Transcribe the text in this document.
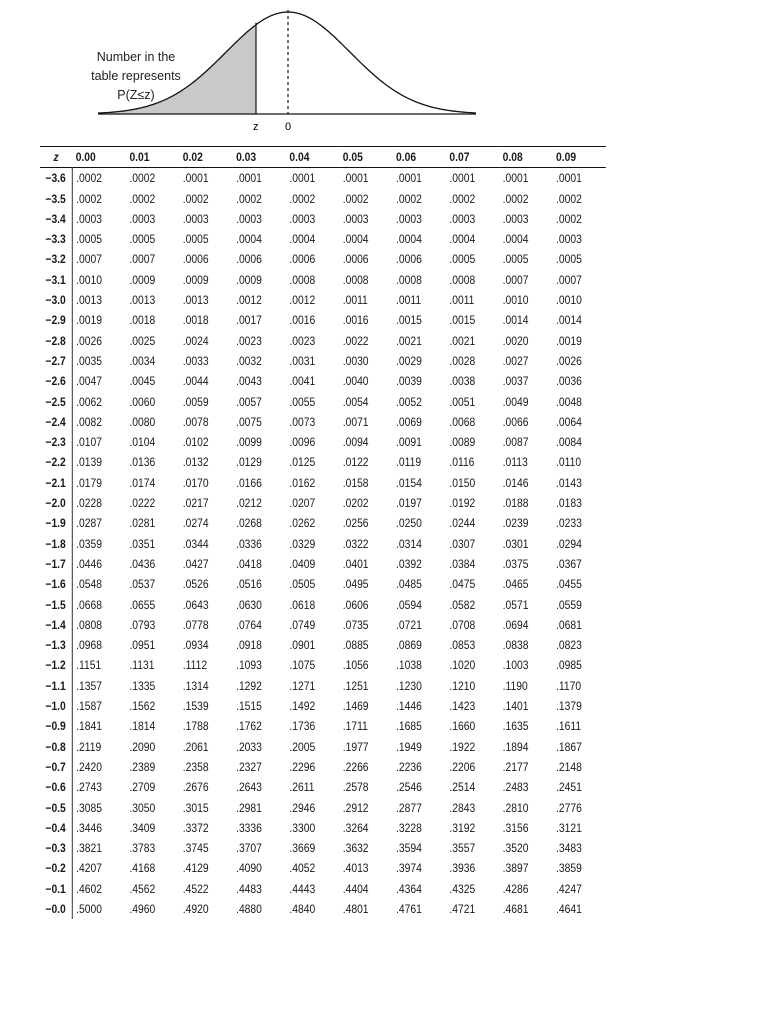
Number in the
table represents
P(Z≤z)
z 0
z	0.00	0.01	0.02	0.03	0.04	0.05	0.06	0.07	0.08	0.09
−3.6	.0002	.0002	.0001	.0001	.0001	.0001	.0001	.0001	.0001	.0001
−3.5	.0002	.0002	.0002	.0002	.0002	.0002	.0002	.0002	.0002	.0002
−3.4	.0003	.0003	.0003	.0003	.0003	.0003	.0003	.0003	.0003	.0002
−3.3	.0005	.0005	.0005	.0004	.0004	.0004	.0004	.0004	.0004	.0003
−3.2	.0007	.0007	.0006	.0006	.0006	.0006	.0006	.0005	.0005	.0005
−3.1	.0010	.0009	.0009	.0009	.0008	.0008	.0008	.0008	.0007	.0007
−3.0	.0013	.0013	.0013	.0012	.0012	.0011	.0011	.0011	.0010	.0010
−2.9	.0019	.0018	.0018	.0017	.0016	.0016	.0015	.0015	.0014	.0014
−2.8	.0026	.0025	.0024	.0023	.0023	.0022	.0021	.0021	.0020	.0019
−2.7	.0035	.0034	.0033	.0032	.0031	.0030	.0029	.0028	.0027	.0026
−2.6	.0047	.0045	.0044	.0043	.0041	.0040	.0039	.0038	.0037	.0036
−2.5	.0062	.0060	.0059	.0057	.0055	.0054	.0052	.0051	.0049	.0048
−2.4	.0082	.0080	.0078	.0075	.0073	.0071	.0069	.0068	.0066	.0064
−2.3	.0107	.0104	.0102	.0099	.0096	.0094	.0091	.0089	.0087	.0084
−2.2	.0139	.0136	.0132	.0129	.0125	.0122	.0119	.0116	.0113	.0110
−2.1	.0179	.0174	.0170	.0166	.0162	.0158	.0154	.0150	.0146	.0143
−2.0	.0228	.0222	.0217	.0212	.0207	.0202	.0197	.0192	.0188	.0183
−1.9	.0287	.0281	.0274	.0268	.0262	.0256	.0250	.0244	.0239	.0233
−1.8	.0359	.0351	.0344	.0336	.0329	.0322	.0314	.0307	.0301	.0294
−1.7	.0446	.0436	.0427	.0418	.0409	.0401	.0392	.0384	.0375	.0367
−1.6	.0548	.0537	.0526	.0516	.0505	.0495	.0485	.0475	.0465	.0455
−1.5	.0668	.0655	.0643	.0630	.0618	.0606	.0594	.0582	.0571	.0559
−1.4	.0808	.0793	.0778	.0764	.0749	.0735	.0721	.0708	.0694	.0681
−1.3	.0968	.0951	.0934	.0918	.0901	.0885	.0869	.0853	.0838	.0823
−1.2	.1151	.1131	.1112	.1093	.1075	.1056	.1038	.1020	.1003	.0985
−1.1	.1357	.1335	.1314	.1292	.1271	.1251	.1230	.1210	.1190	.1170
−1.0	.1587	.1562	.1539	.1515	.1492	.1469	.1446	.1423	.1401	.1379
−0.9	.1841	.1814	.1788	.1762	.1736	.1711	.1685	.1660	.1635	.1611
−0.8	.2119	.2090	.2061	.2033	.2005	.1977	.1949	.1922	.1894	.1867
−0.7	.2420	.2389	.2358	.2327	.2296	.2266	.2236	.2206	.2177	.2148
−0.6	.2743	.2709	.2676	.2643	.2611	.2578	.2546	.2514	.2483	.2451
−0.5	.3085	.3050	.3015	.2981	.2946	.2912	.2877	.2843	.2810	.2776
−0.4	.3446	.3409	.3372	.3336	.3300	.3264	.3228	.3192	.3156	.3121
−0.3	.3821	.3783	.3745	.3707	.3669	.3632	.3594	.3557	.3520	.3483
−0.2	.4207	.4168	.4129	.4090	.4052	.4013	.3974	.3936	.3897	.3859
−0.1	.4602	.4562	.4522	.4483	.4443	.4404	.4364	.4325	.4286	.4247
−0.0	.5000	.4960	.4920	.4880	.4840	.4801	.4761	.4721	.4681	.4641
